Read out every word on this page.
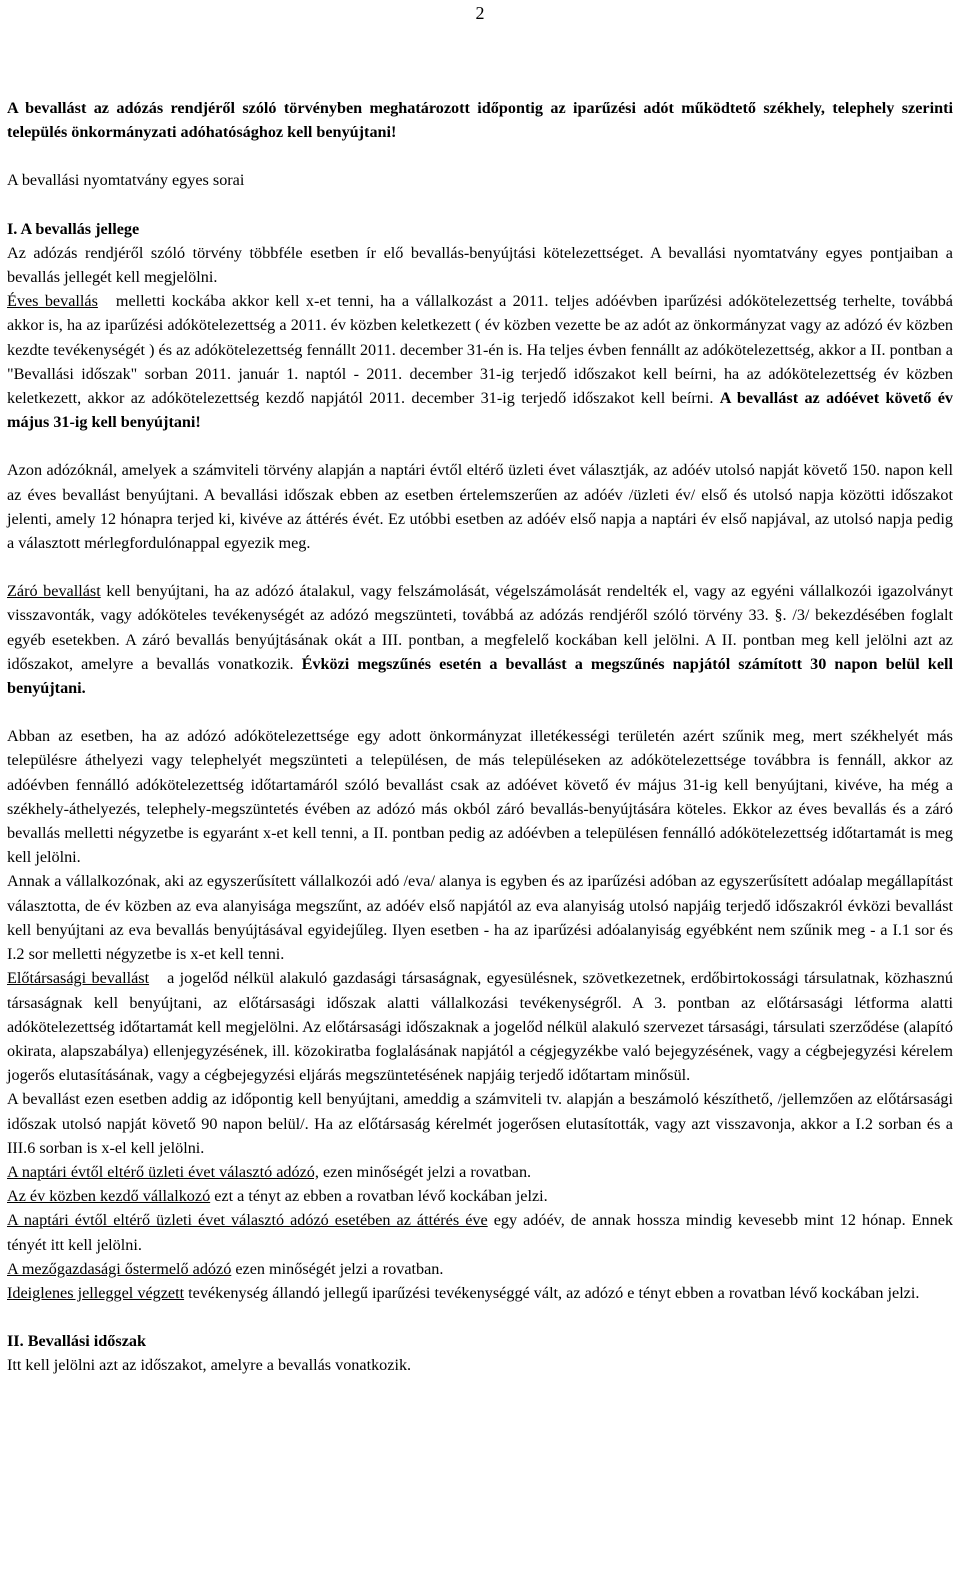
2

A bevallást az adózás rendjéről szóló törvényben meghatározott időpontig az iparűzési adót működtető székhely, telephely szerinti település önkormányzati adóhatósághoz kell benyújtani!

A bevallási nyomtatvány egyes sorai

I. A bevallás jellege

Az adózás rendjéről szóló törvény többféle esetben ír elő bevallás-benyújtási kötelezettséget. A bevallási nyomtatvány egyes pontjaiban a bevallás jellegét kell megjelölni.

Éves bevallás melletti kockába akkor kell x-et tenni, ha a vállalkozást a 2011. teljes adóévben iparűzési adókötelezettség terhelte, továbbá akkor is, ha az iparűzési adókötelezettség a 2011. év közben keletkezett ( év közben vezette be az adót az önkormányzat vagy az adózó év közben kezdte tevékenységét ) és az adókötelezettség fennállt 2011. december 31-én is. Ha teljes évben fennállt az adókötelezettség, akkor a II. pontban a "Bevallási időszak" sorban 2011. január 1. naptól - 2011. december 31-ig terjedő időszakot kell beírni, ha az adókötelezettség év közben keletkezett, akkor az adókötelezettség kezdő napjától 2011. december 31-ig terjedő időszakot kell beírni. A bevallást az adóévet követő év május 31-ig kell benyújtani!

Azon adózóknál, amelyek a számviteli törvény alapján a naptári évtől eltérő üzleti évet választják, az adóév utolsó napját követő 150. napon kell az éves bevallást benyújtani. A bevallási időszak ebben az esetben értelemszerűen az adóév /üzleti év/ első és utolsó napja közötti időszakot jelenti, amely 12 hónapra terjed ki, kivéve az áttérés évét. Ez utóbbi esetben az adóév első napja a naptári év első napjával, az utolsó napja pedig a választott mérlegfordulónappal egyezik meg.

Záró bevallást kell benyújtani, ha az adózó átalakul, vagy felszámolását, végelszámolását rendelték el, vagy az egyéni vállalkozói igazolványt visszavonták, vagy adóköteles tevékenységét az adózó megszünteti, továbbá az adózás rendjéről szóló törvény 33. §. /3/ bekezdésében foglalt egyéb esetekben. A záró bevallás benyújtásának okát a III. pontban, a megfelelő kockában kell jelölni. A II. pontban meg kell jelölni azt az időszakot, amelyre a bevallás vonatkozik. Évközi megszűnés esetén a bevallást a megszűnés napjától számított 30 napon belül kell benyújtani.

Abban az esetben, ha az adózó adókötelezettsége egy adott önkormányzat illetékességi területén azért szűnik meg, mert székhelyét más településre áthelyezi vagy telephelyét megszünteti a településen, de más településeken az adókötelezettsége továbbra is fennáll, akkor az adóévben fennálló adókötelezettség időtartamáról szóló bevallást csak az adóévet követő év május 31-ig kell benyújtani, kivéve, ha még a székhely-áthelyezés, telephely-megszüntetés évében az adózó más okból záró bevallás-benyújtására köteles. Ekkor az éves bevallás és a záró bevallás melletti négyzetbe is egyaránt x-et kell tenni, a II. pontban pedig az adóévben a településen fennálló adókötelezettség időtartamát is meg kell jelölni.

Annak a vállalkozónak, aki az egyszerűsített vállalkozói adó /eva/ alanya is egyben és az iparűzési adóban az egyszerűsített adóalap megállapítást választotta, de év közben az eva alanyisága megszűnt, az adóév első napjától az eva alanyiság utolsó napjáig terjedő időszakról évközi bevallást kell benyújtani az eva bevallás benyújtásával egyidejűleg. Ilyen esetben - ha az iparűzési adóalanyiság egyébként nem szűnik meg - a I.1 sor és I.2 sor melletti négyzetbe is x-et kell tenni.

Előtársasági bevallást a jogelőd nélkül alakuló gazdasági társaságnak, egyesülésnek, szövetkezetnek, erdőbirtokossági társulatnak, közhasznú társaságnak kell benyújtani, az előtársasági időszak alatti vállalkozási tevékenységről. A 3. pontban az előtársasági létforma alatti adókötelezettség időtartamát kell megjelölni. Az előtársasági időszaknak a jogelőd nélkül alakuló szervezet társasági, társulati szerződése (alapító okirata, alapszabálya) ellenjegyzésének, ill. közokiratba foglalásának napjától a cégjegyzékbe való bejegyzésének, vagy a cégbejegyzési kérelem jogerős elutasításának, vagy a cégbejegyzési eljárás megszüntetésének napjáig terjedő időtartam minősül.

A bevallást ezen esetben addig az időpontig kell benyújtani, ameddig a számviteli tv. alapján a beszámoló készíthető, /jellemzően az előtársasági időszak utolsó napját követő 90 napon belül/. Ha az előtársaság kérelmét jogerősen elutasították, vagy azt visszavonja, akkor a I.2 sorban és a III.6 sorban is x-el kell jelölni.

A naptári évtől eltérő üzleti évet választó adózó, ezen minőségét jelzi a rovatban.

Az év közben kezdő vállalkozó ezt a tényt az ebben a rovatban lévő kockában jelzi.

A naptári évtől eltérő üzleti évet választó adózó esetében az áttérés éve egy adóév, de annak hossza mindig kevesebb mint 12 hónap. Ennek tényét itt kell jelölni.

A mezőgazdasági őstermelő adózó ezen minőségét jelzi a rovatban.

Ideiglenes jelleggel végzett tevékenység állandó jellegű iparűzési tevékenységgé vált, az adózó e tényt ebben a rovatban lévő kockában jelzi.

II. Bevallási időszak

Itt kell jelölni azt az időszakot, amelyre a bevallás vonatkozik.
